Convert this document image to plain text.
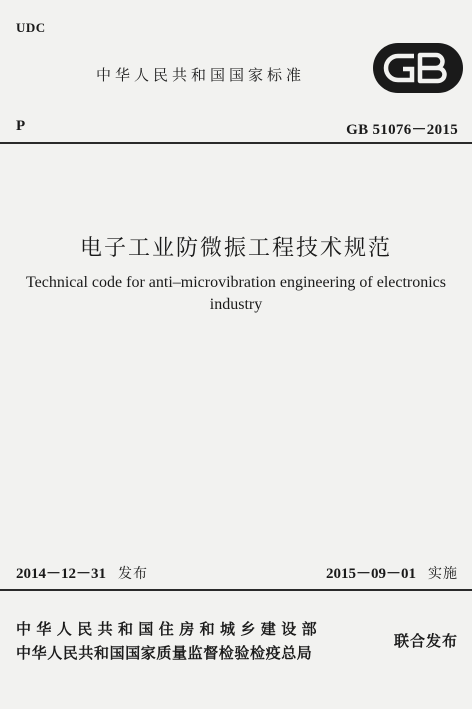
UDC
中华人民共和国国家标准
P	GB 51076－2015
电子工业防微振工程技术规范
Technical code for anti–microvibration engineering of electronics industry
2014－12－31 发布	2015－09－01 实施
中华人民共和国住房和城乡建设部
中华人民共和国国家质量监督检验检疫总局
联合发布
